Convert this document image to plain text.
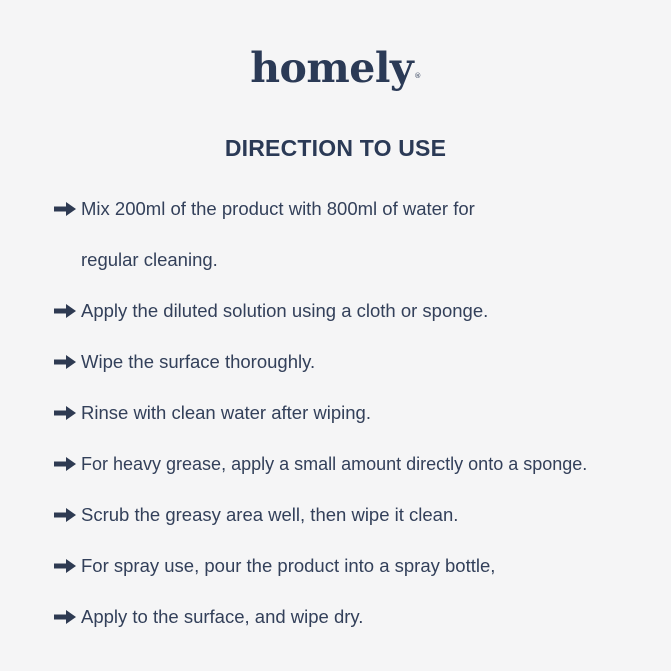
homely®
DIRECTION TO USE
Mix 200ml of the product with 800ml of water for
regular cleaning.
Apply the diluted solution using a cloth or sponge.
Wipe the surface thoroughly.
Rinse with clean water after wiping.
For heavy grease, apply a small amount directly onto a sponge.
Scrub the greasy area well, then wipe it clean.
For spray use, pour the product into a spray bottle,
Apply to the surface, and wipe dry.
